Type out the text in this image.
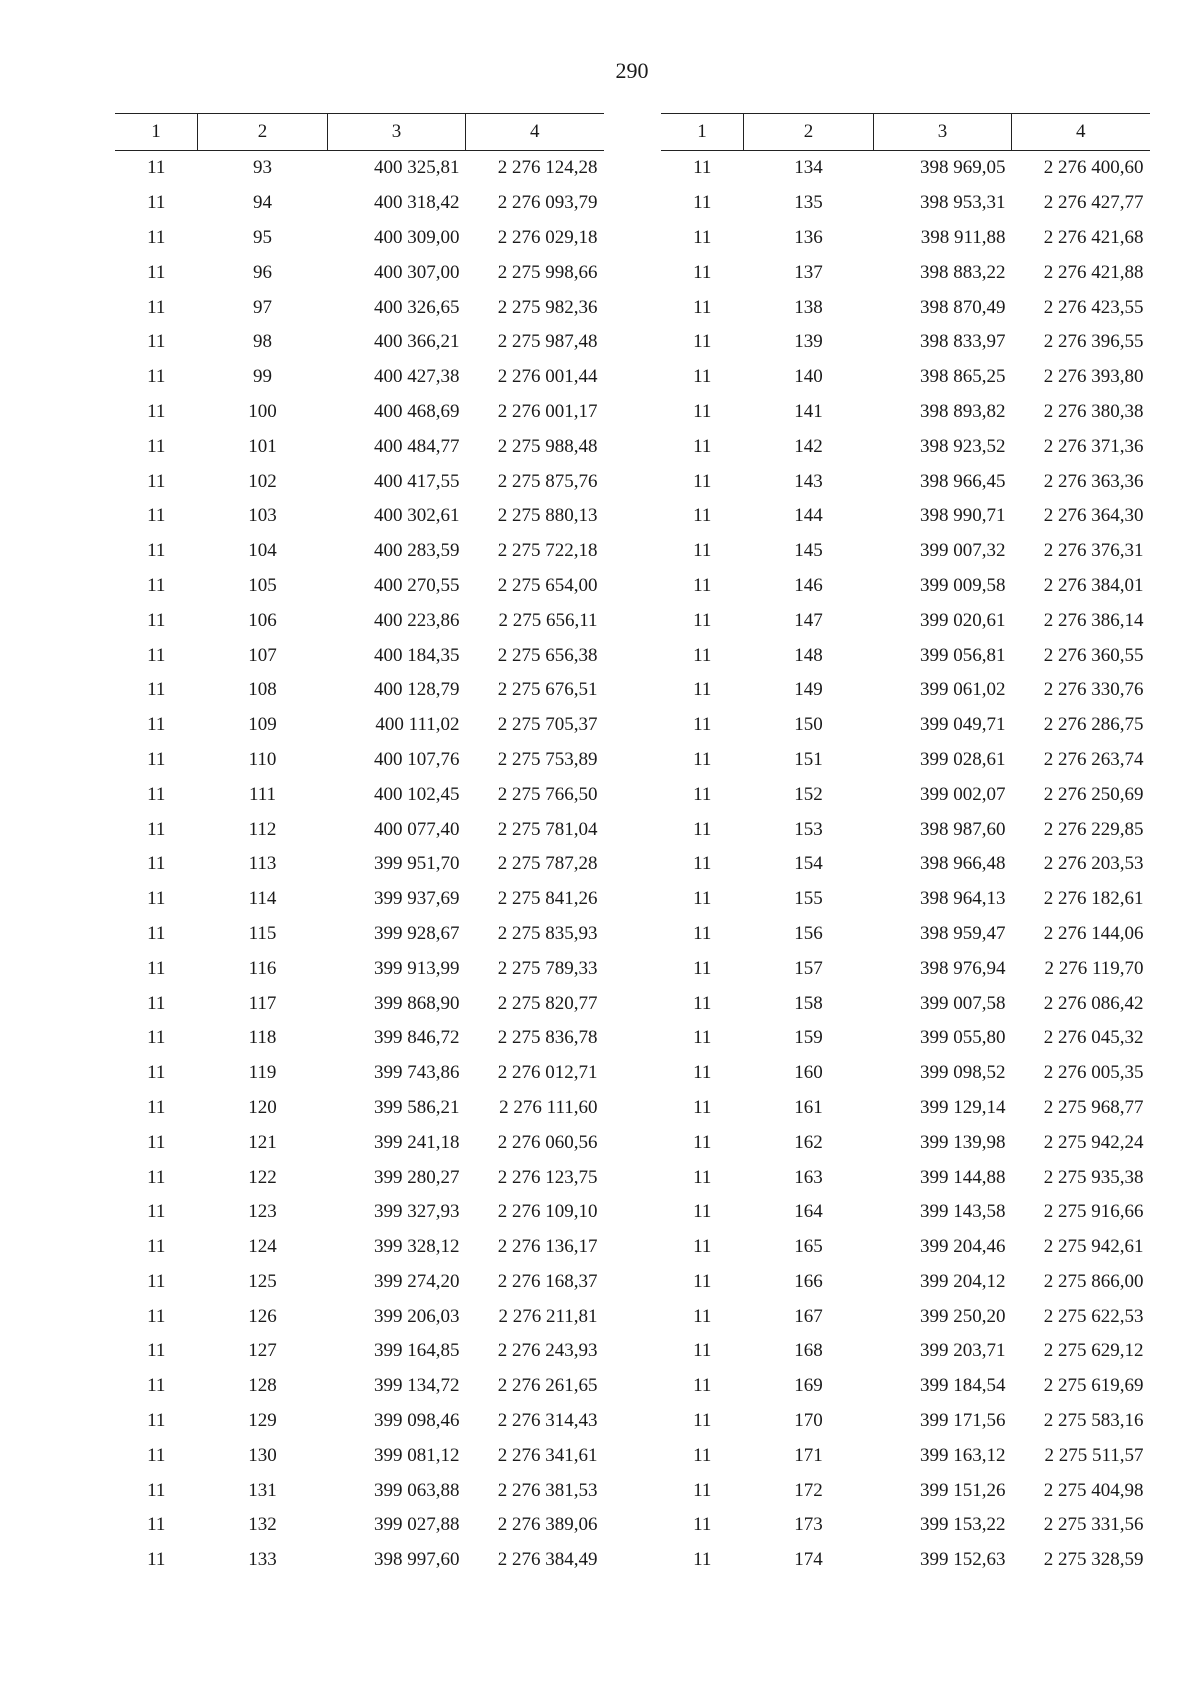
290
1	2	3	4
11	93	400 325,81	2 276 124,28
11	94	400 318,42	2 276 093,79
11	95	400 309,00	2 276 029,18
11	96	400 307,00	2 275 998,66
11	97	400 326,65	2 275 982,36
11	98	400 366,21	2 275 987,48
11	99	400 427,38	2 276 001,44
11	100	400 468,69	2 276 001,17
11	101	400 484,77	2 275 988,48
11	102	400 417,55	2 275 875,76
11	103	400 302,61	2 275 880,13
11	104	400 283,59	2 275 722,18
11	105	400 270,55	2 275 654,00
11	106	400 223,86	2 275 656,11
11	107	400 184,35	2 275 656,38
11	108	400 128,79	2 275 676,51
11	109	400 111,02	2 275 705,37
11	110	400 107,76	2 275 753,89
11	111	400 102,45	2 275 766,50
11	112	400 077,40	2 275 781,04
11	113	399 951,70	2 275 787,28
11	114	399 937,69	2 275 841,26
11	115	399 928,67	2 275 835,93
11	116	399 913,99	2 275 789,33
11	117	399 868,90	2 275 820,77
11	118	399 846,72	2 275 836,78
11	119	399 743,86	2 276 012,71
11	120	399 586,21	2 276 111,60
11	121	399 241,18	2 276 060,56
11	122	399 280,27	2 276 123,75
11	123	399 327,93	2 276 109,10
11	124	399 328,12	2 276 136,17
11	125	399 274,20	2 276 168,37
11	126	399 206,03	2 276 211,81
11	127	399 164,85	2 276 243,93
11	128	399 134,72	2 276 261,65
11	129	399 098,46	2 276 314,43
11	130	399 081,12	2 276 341,61
11	131	399 063,88	2 276 381,53
11	132	399 027,88	2 276 389,06
11	133	398 997,60	2 276 384,49
1	2	3	4
11	134	398 969,05	2 276 400,60
11	135	398 953,31	2 276 427,77
11	136	398 911,88	2 276 421,68
11	137	398 883,22	2 276 421,88
11	138	398 870,49	2 276 423,55
11	139	398 833,97	2 276 396,55
11	140	398 865,25	2 276 393,80
11	141	398 893,82	2 276 380,38
11	142	398 923,52	2 276 371,36
11	143	398 966,45	2 276 363,36
11	144	398 990,71	2 276 364,30
11	145	399 007,32	2 276 376,31
11	146	399 009,58	2 276 384,01
11	147	399 020,61	2 276 386,14
11	148	399 056,81	2 276 360,55
11	149	399 061,02	2 276 330,76
11	150	399 049,71	2 276 286,75
11	151	399 028,61	2 276 263,74
11	152	399 002,07	2 276 250,69
11	153	398 987,60	2 276 229,85
11	154	398 966,48	2 276 203,53
11	155	398 964,13	2 276 182,61
11	156	398 959,47	2 276 144,06
11	157	398 976,94	2 276 119,70
11	158	399 007,58	2 276 086,42
11	159	399 055,80	2 276 045,32
11	160	399 098,52	2 276 005,35
11	161	399 129,14	2 275 968,77
11	162	399 139,98	2 275 942,24
11	163	399 144,88	2 275 935,38
11	164	399 143,58	2 275 916,66
11	165	399 204,46	2 275 942,61
11	166	399 204,12	2 275 866,00
11	167	399 250,20	2 275 622,53
11	168	399 203,71	2 275 629,12
11	169	399 184,54	2 275 619,69
11	170	399 171,56	2 275 583,16
11	171	399 163,12	2 275 511,57
11	172	399 151,26	2 275 404,98
11	173	399 153,22	2 275 331,56
11	174	399 152,63	2 275 328,59
